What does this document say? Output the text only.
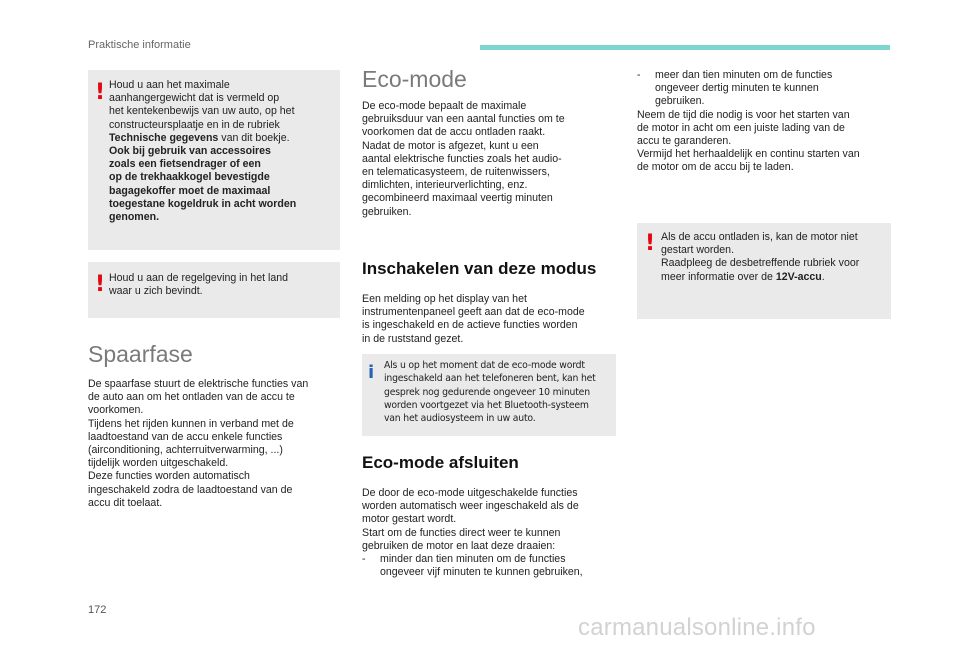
Praktische informatie
! Houd u aan het maximale
aanhangergewicht dat is vermeld op
het kentekenbewijs van uw auto, op het
constructeursplaatje en in de rubriek
Technische gegevens van dit boekje.
Ook bij gebruik van accessoires
zoals een fietsendrager of een
op de trekhaakkogel bevestigde
bagagekoffer moet de maximaal
toegestane kogeldruk in acht worden
genomen.
! Houd u aan de regelgeving in het land
waar u zich bevindt.
Spaarfase
De spaarfase stuurt de elektrische functies van
de auto aan om het ontladen van de accu te
voorkomen.
Tijdens het rijden kunnen in verband met de
laadtoestand van de accu enkele functies
(airconditioning, achterruitverwarming, ...)
tijdelijk worden uitgeschakeld.
Deze functies worden automatisch
ingeschakeld zodra de laadtoestand van de
accu dit toelaat.
Eco-mode
De eco-mode bepaalt de maximale
gebruiksduur van een aantal functies om te
voorkomen dat de accu ontladen raakt.
Nadat de motor is afgezet, kunt u een
aantal elektrische functies zoals het audio-
en telematicasysteem, de ruitenwissers,
dimlichten, interieurverlichting, enz.
gecombineerd maximaal veertig minuten
gebruiken.
Inschakelen van deze modus
Een melding op het display van het
instrumentenpaneel geeft aan dat de eco-mode
is ingeschakeld en de actieve functies worden
in de ruststand gezet.
i Als u op het moment dat de eco-mode wordt
ingeschakeld aan het telefoneren bent, kan het
gesprek nog gedurende ongeveer 10 minuten
worden voortgezet via het Bluetooth-systeem
van het audiosysteem in uw auto.
Eco-mode afsluiten
De door de eco-mode uitgeschakelde functies
worden automatisch weer ingeschakeld als de
motor gestart wordt.
Start om de functies direct weer te kunnen
gebruiken de motor en laat deze draaien:
-	minder dan tien minuten om de functies
ongeveer vijf minuten te kunnen gebruiken,
-	meer dan tien minuten om de functies
ongeveer dertig minuten te kunnen
gebruiken.
Neem de tijd die nodig is voor het starten van
de motor in acht om een juiste lading van de
accu te garanderen.
Vermijd het herhaaldelijk en continu starten van
de motor om de accu bij te laden.
! Als de accu ontladen is, kan de motor niet
gestart worden.
Raadpleeg de desbetreffende rubriek voor
meer informatie over de 12V-accu.
172
carmanualsonline.info
